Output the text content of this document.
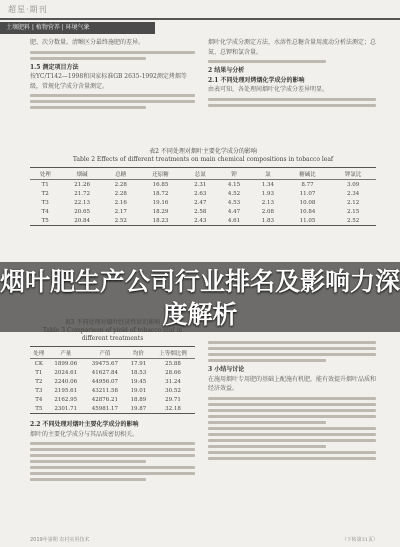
超星·期刊
土壤肥料 | 植物营养 | 环境气象
肥、次分数量。清晰区分最终施肥的差异。
1.5 测定项目方法
按YC/T142—1998和国家标准GB 2635-1992测定烤烟等级，常规化学成分含量测定。
烟叶化学成分测定方法，水溶性总糖含量用流动分析法测定；总氮、总钾和氯含量。
2 结果与分析
2.1 不同处理对烤烟化学成分的影响
由表可知，各处理间烟叶化学成分差异明显。
表2 不同处理对烟叶主要化学成分的影响
Table 2 Effects of different treatments on main chemical compositions in tobacco leaf
处理	烟碱	总糖	还原糖	总氮	钾	氯	糖碱比	钾氯比
T1	21.26	2.28	16.85	2.31	4.15	1.34	8.77	3.09
T2	21.72	2.28	18.72	2.63	4.52	1.93	11.07	2.34
T3	22.13	2.16	19.16	2.47	4.53	2.13	10.08	2.12
T4	20.65	2.17	18.29	2.58	4.47	2.08	10.84	2.15
T5	20.84	2.52	18.23	2.43	4.61	1.83	11.05	2.52
烟叶肥生产公司行业排名及影响力深度解析
表3 不同处理对烟叶经济性状的影响
Table 3 Comparison of yield of tobacco leaf in different treatments
处理	产量	产值	均价	上等烟比例
CK	1899.06	39475.67	17.91	25.88
T1	2024.61	41627.84	18.53	28.66
T2	2240.06	44956.07	19.45	31.24
T3	2195.61	43211.58	19.01	30.52
T4	2162.95	42876.21	18.89	29.71
T5	2301.71	45981.17	19.87	32.18
2.2 不同处理对烟叶主要化学成分的影响
烟叶的主要化学成分与其品质密切相关。
3 小结与讨论
在施用烟叶专用肥的基础上配施有机肥，能有效提升烟叶品质和经济效益。
2019年第期 农村实用技术	（下转第31页）
